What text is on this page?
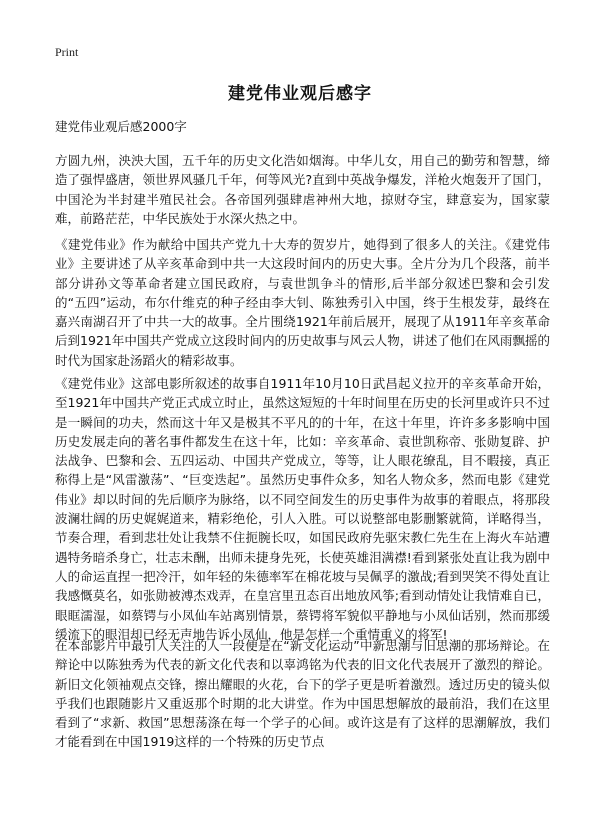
Print
建党伟业观后感字

建党伟业观后感2000字

方圆九州，泱泱大国，五千年的历史文化浩如烟海。中华儿女，用自己的勤劳和智慧，缔造了强悍盛唐，领世界风骚几千年，何等风光?直到中英战争爆发，洋枪火炮轰开了国门，中国沦为半封建半殖民社会。各帝国列强肆虐神州大地，掠财夺宝，肆意妄为，国家蒙难，前路茫茫，中华民族处于水深火热之中。

《建党伟业》作为献给中国共产党九十大寿的贺岁片，她得到了很多人的关注。《建党伟业》主要讲述了从辛亥革命到中共一大这段时间内的历史大事。全片分为几个段落，前半部分讲孙文等革命者建立国民政府，与袁世凯争斗的情形,后半部分叙述巴黎和会引发的“五四”运动，布尔什维克的种子经由李大钊、陈独秀引入中国，终于生根发芽，最终在嘉兴南湖召开了中共一大的故事。全片围绕1921年前后展开，展现了从1911年辛亥革命后到1921年中国共产党成立这段时间内的历史故事与风云人物，讲述了他们在风雨飘摇的时代为国家赴汤蹈火的精彩故事。

《建党伟业》这部电影所叙述的故事自1911年10月10日武昌起义拉开的辛亥革命开始，至1921年中国共产党正式成立时止，虽然这短短的十年时间里在历史的长河里或许只不过是一瞬间的功夫，然而这十年又是极其不平凡的的十年，在这十年里，许许多多影响中国历史发展走向的著名事件都发生在这十年，比如：辛亥革命、袁世凯称帝、张勋复辟、护法战争、巴黎和会、五四运动、中国共产党成立，等等，让人眼花缭乱，目不暇接，真正称得上是“风雷激荡”、“巨变迭起”。虽然历史事件众多，知名人物众多，然而电影《建党伟业》却以时间的先后顺序为脉络，以不同空间发生的历史事件为故事的着眼点，将那段波澜壮阔的历史娓娓道来，精彩绝伦，引人入胜。可以说整部电影删繁就简，详略得当，节奏合理，看到悲壮处让我禁不住扼腕长叹，如国民政府先驱宋教仁先生在上海火车站遭遇特务暗杀身亡，壮志未酬，出师未捷身先死，长使英雄泪满襟!看到紧张处直让我为剧中人的命运直捏一把冷汗，如年轻的朱德率军在棉花坡与吴佩孚的激战;看到哭笑不得处直让我感慨莫名，如张勋被溥杰戏弄，在皇宫里丑态百出地放风筝;看到动情处让我情难自已，眼眶濡湿，如蔡锷与小凤仙车站离别情景，蔡锷将军貌似平静地与小凤仙话别，然而那缓缓流下的眼泪却已经无声地告诉小凤仙，他是怎样一个重情重义的将军!

在本部影片中最引人关注的人一段便是在“新文化运动”中新思潮与旧思潮的那场辩论。在辩论中以陈独秀为代表的新文化代表和以辜鸿铭为代表的旧文化代表展开了激烈的辩论。新旧文化领袖观点交锋，擦出耀眼的火花，台下的学子更是听着激烈。透过历史的镜头似乎我们也跟随影片又重返那个时期的北大讲堂。作为中国思想解放的最前沿，我们在这里看到了“求新、救国”思想荡涤在每一个学子的心间。或许这是有了这样的思潮解放，我们才能看到在中国1919这样的一个特殊的历史节点
